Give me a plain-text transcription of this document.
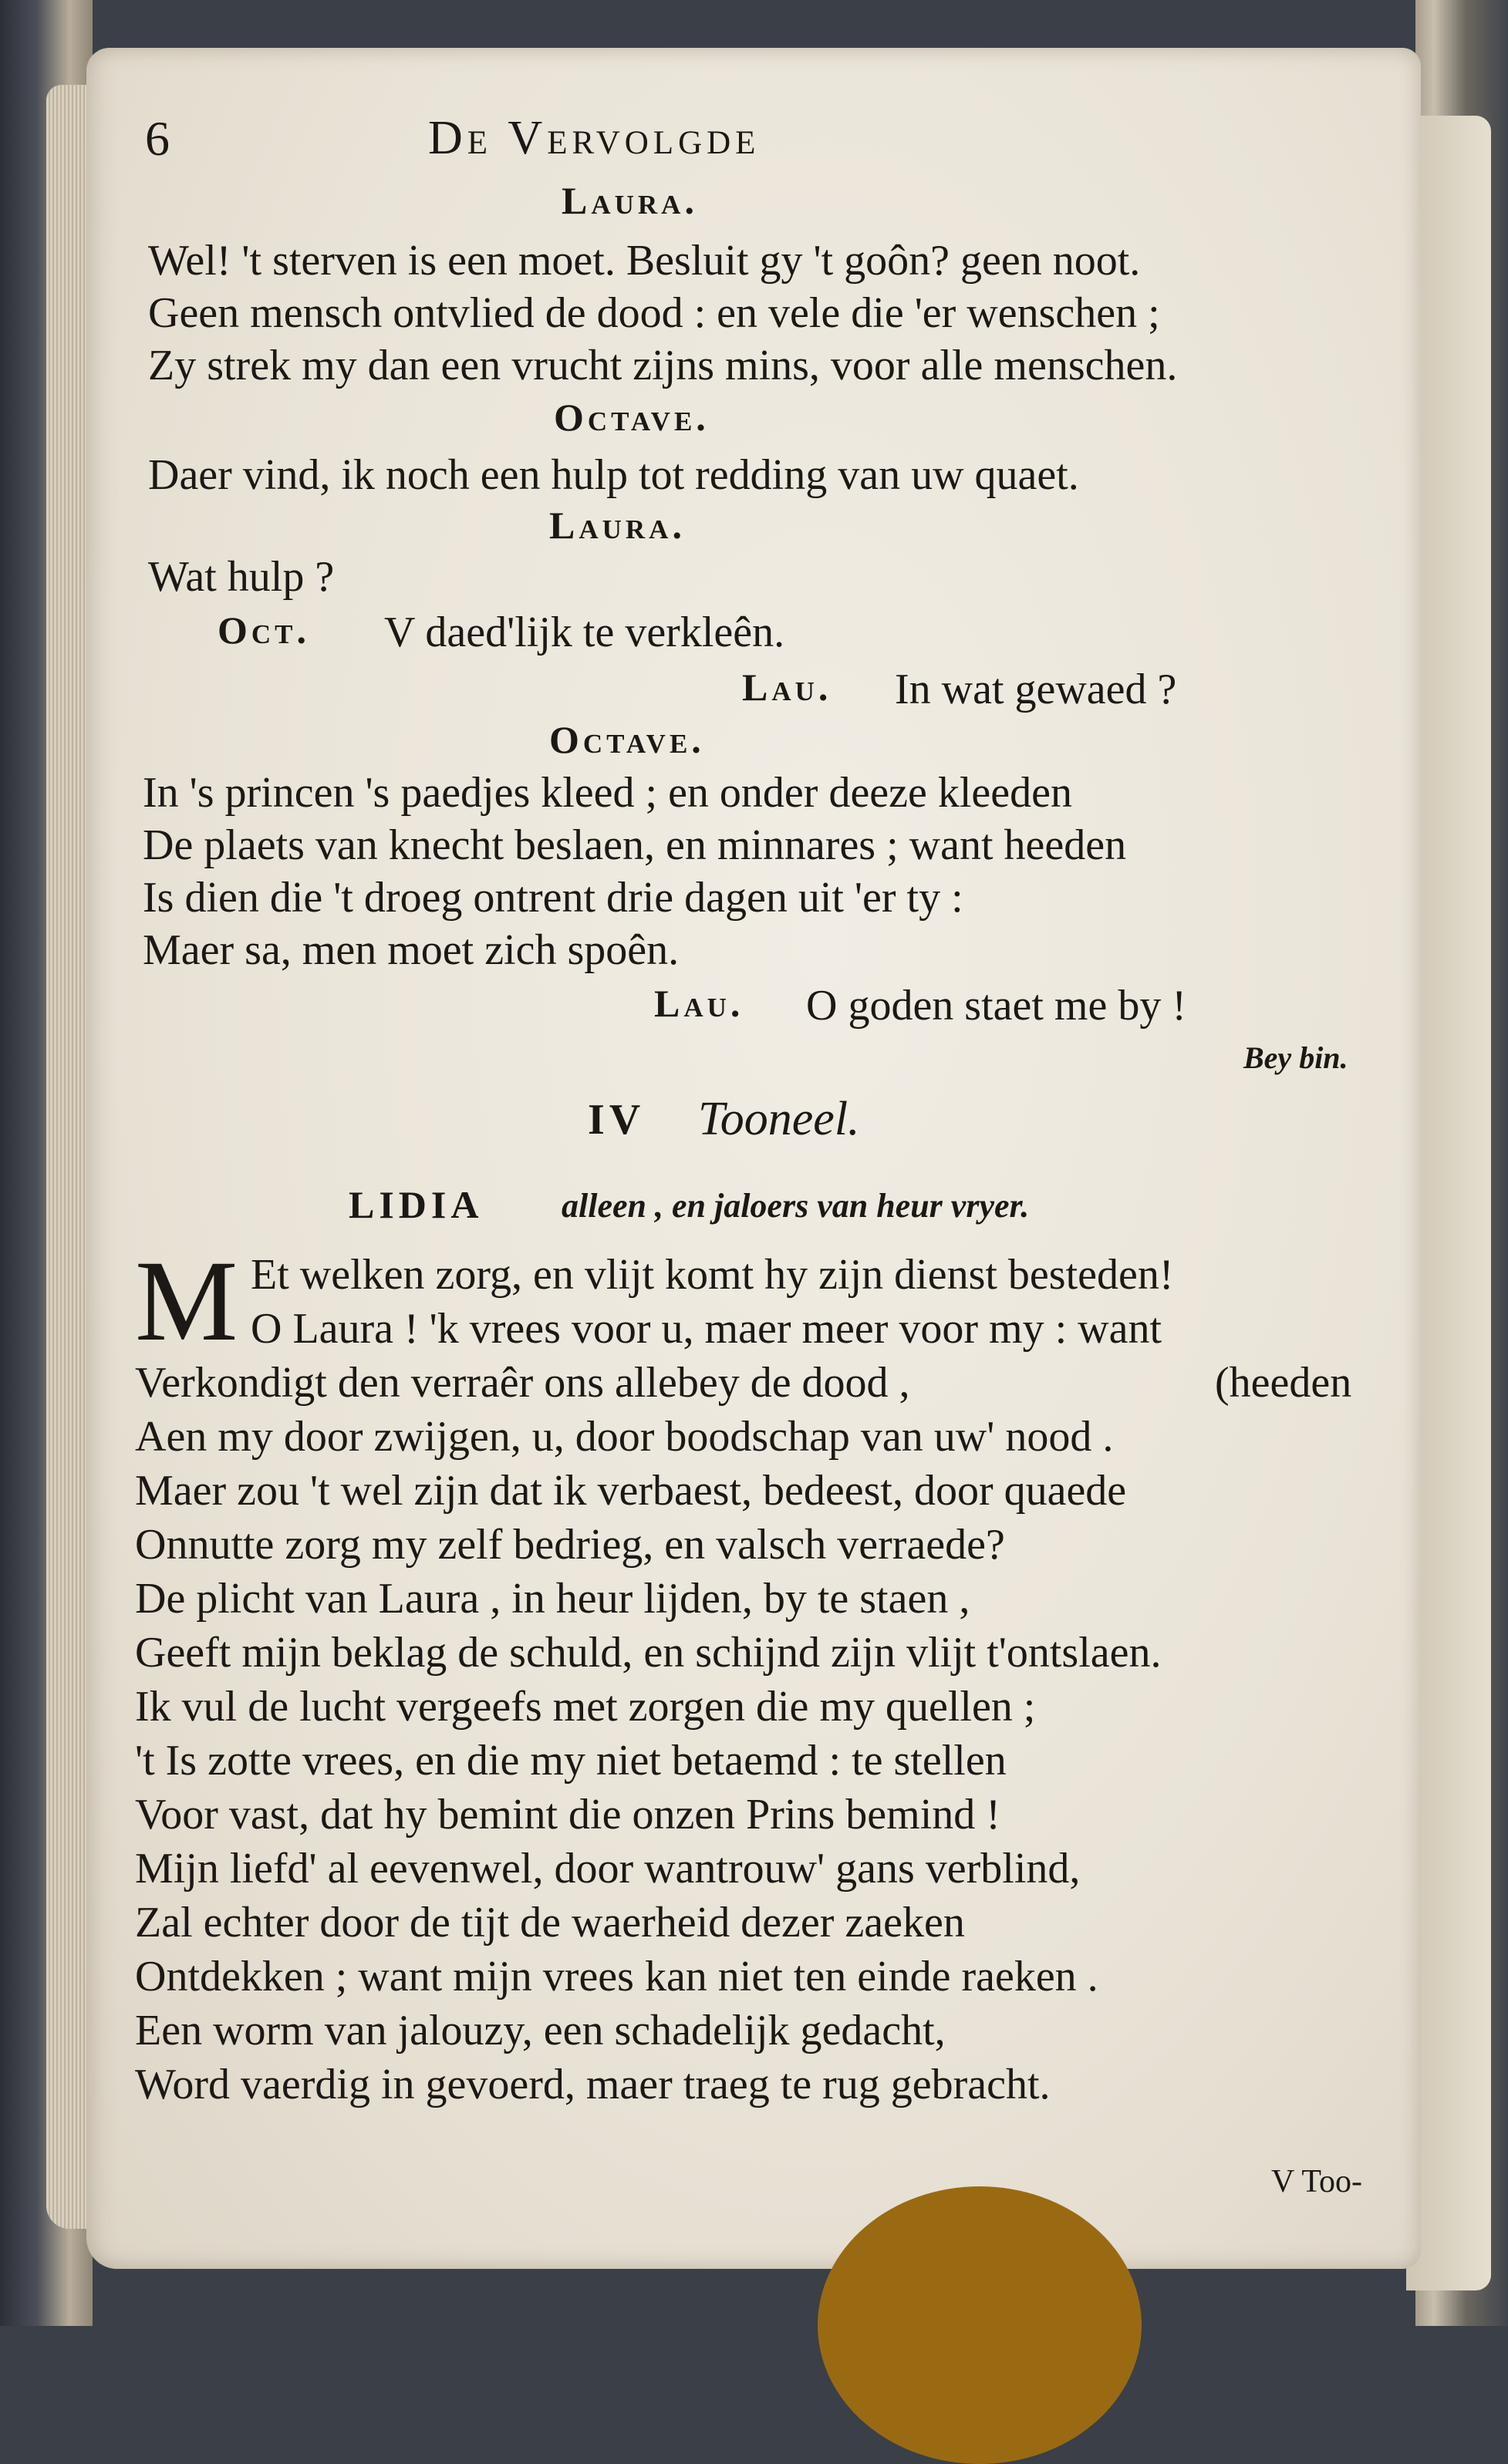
6	De Vervolgde
Laura.
Wel! 't sterven is een moet. Besluit gy 't goôn? geen noot.
Geen mensch ontvlied de dood : en vele die 'er wenschen ;
Zy strek my dan een vrucht zijns mins, voor alle menschen.
Octave.
Daer vind, ik noch een hulp tot redding van uw quaet.
Laura.
Wat hulp ?
Oct. V daed'lijk te verkleên.
Lau. In wat gewaed ?
Octave.
In 's princen 's paedjes kleed ; en onder deeze kleeden
De plaets van knecht beslaen, en minnares ; want heeden
Is dien die 't droeg ontrent drie dagen uit 'er ty :
Maer sa, men moet zich spoên.
Lau. O goden staet me by !
Bey bin.
IV Tooneel.
LIDIA alleen , en jaloers van heur vryer.
M Et welken zorg, en vlijt komt hy zijn dienst besteden!
O Laura ! 'k vrees voor u, maer meer voor my : want
Verkondigt den verraêr ons allebey de dood ,	(heeden
Aen my door zwijgen, u, door boodschap van uw' nood .
Maer zou 't wel zijn dat ik verbaest, bedeest, door quaede
Onnutte zorg my zelf bedrieg, en valsch verraede?
De plicht van Laura , in heur lijden, by te staen ,
Geeft mijn beklag de schuld, en schijnd zijn vlijt t'ontslaen.
Ik vul de lucht vergeefs met zorgen die my quellen ;
't Is zotte vrees, en die my niet betaemd : te stellen
Voor vast, dat hy bemint die onzen Prins bemind !
Mijn liefd' al eevenwel, door wantrouw' gans verblind,
Zal echter door de tijt de waerheid dezer zaeken
Ontdekken ; want mijn vrees kan niet ten einde raeken .
Een worm van jalouzy, een schadelijk gedacht,
Word vaerdig in gevoerd, maer traeg te rug gebracht.
V Too-
